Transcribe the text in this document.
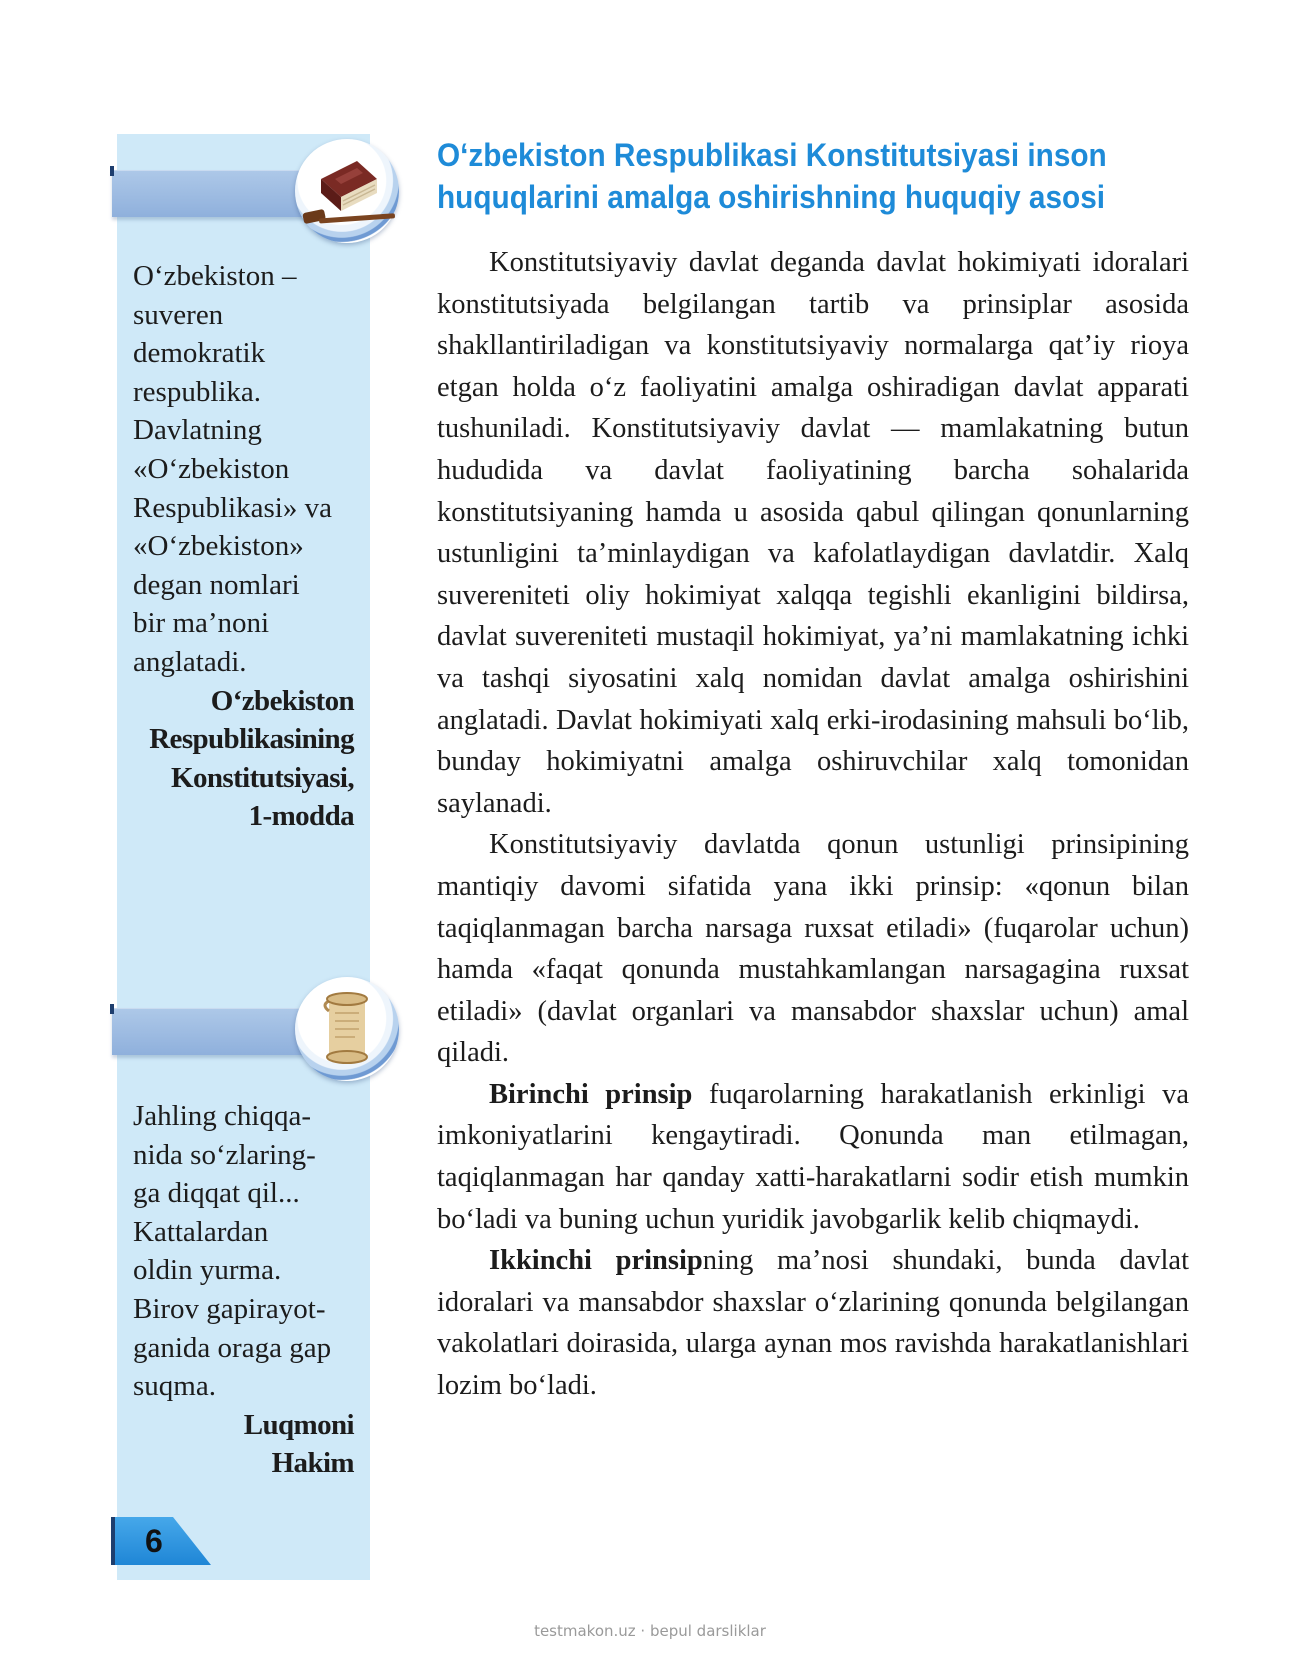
O‘zbekiston –
suveren
demokratik
respublika.
Davlatning
«O‘zbekiston
Respublikasi» va
«O‘zbekiston»
degan nomlari
bir ma’noni
anglatadi.
O‘zbekiston
Respublikasining
Konstitutsiyasi,
1-modda
Jahling chiqqa-
nida so‘zlaring-
ga diqqat qil...
Kattalardan
oldin yurma.
Birov gapirayot-
ganida oraga gap
suqma.
Luqmoni
Hakim
6
O‘zbekiston Respublikasi Konstitutsiyasi inson
huquqlarini amalga oshirishning huquqiy asosi

Konstitutsiyaviy davlat deganda davlat hokimiyati idoralari konstitutsiyada belgilangan tartib va prinsiplar asosida shakllantiriladigan va konstitutsiyaviy normalarga qat’iy rioya etgan holda o‘z faoliyatini amalga oshiradigan davlat apparati tushuniladi. Konstitutsiyaviy davlat — mamlakatning butun hududida va davlat faoliyatining barcha sohalarida konstitutsiyaning hamda u asosida qabul qilingan qonunlarning ustunligini ta’minlaydigan va kafolatlaydigan davlatdir. Xalq suvereniteti oliy hokimiyat xalqqa tegishli ekanligini bildirsa, davlat suvereniteti mustaqil hokimiyat, ya’ni mamlakatning ichki va tashqi siyosatini xalq nomidan davlat amalga oshirishini anglatadi. Davlat hokimiyati xalq erki-irodasining mahsuli bo‘lib, bunday hokimiyatni amalga oshiruvchilar xalq tomonidan saylanadi.

Konstitutsiyaviy davlatda qonun ustunligi prinsipining mantiqiy davomi sifatida yana ikki prinsip: «qonun bilan taqiqlanmagan barcha narsaga ruxsat etiladi» (fuqarolar uchun) hamda «faqat qonunda mustahkamlangan narsagagina ruxsat etiladi» (davlat organlari va mansabdor shaxslar uchun) amal qiladi.

Birinchi prinsip fuqarolarning harakatlanish erkinligi va imkoniyatlarini kengaytiradi. Qonunda man etilmagan, taqiqlanmagan har qanday xatti-harakatlarni sodir etish mumkin bo‘ladi va buning uchun yuridik javobgarlik kelib chiqmaydi.

Ikkinchi prinsipning ma’nosi shundaki, bunda davlat idoralari va mansabdor shaxslar o‘zlarining qonunda belgilangan vakolatlari doirasida, ularga aynan mos ravishda harakatlanishlari lozim bo‘ladi.

testmakon.uz · bepul darsliklar
